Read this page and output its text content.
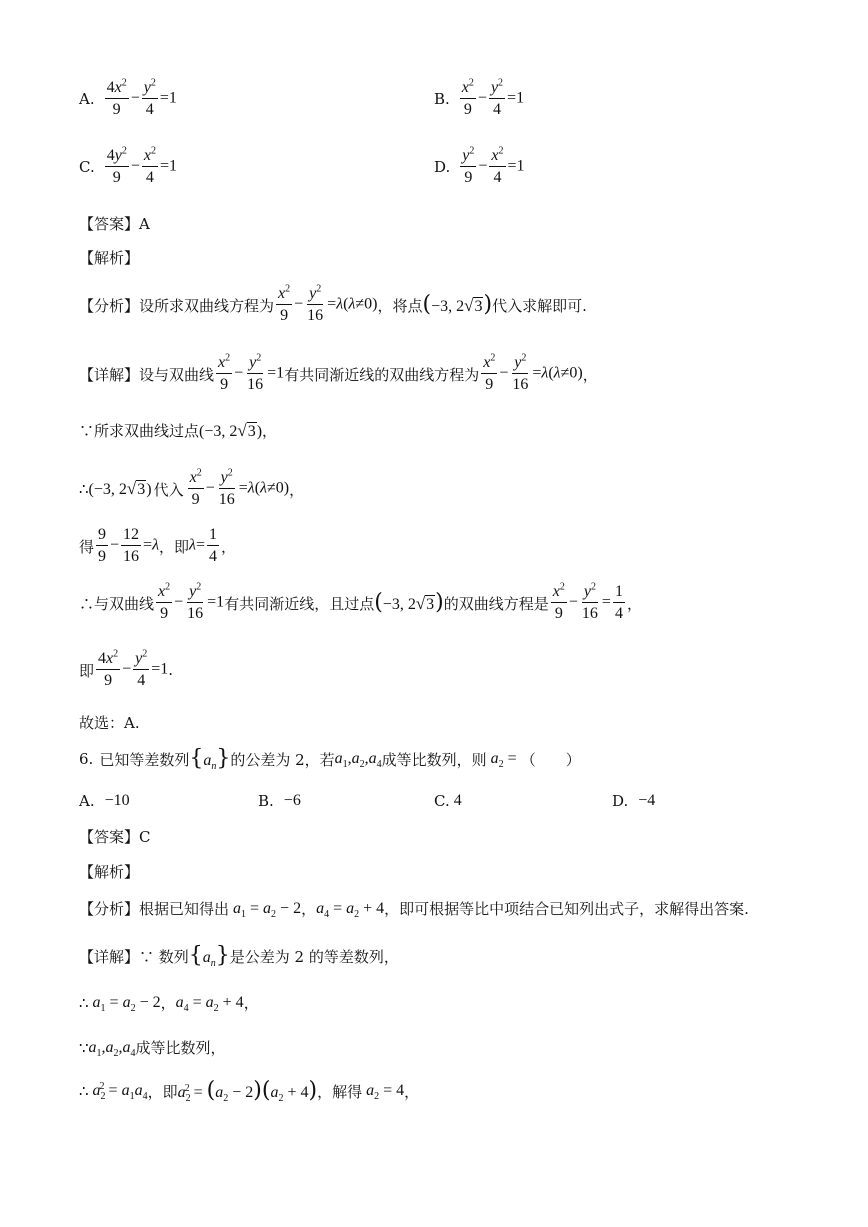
A. $\frac{4x^2}{9} - \frac{y^2}{4} =1$	B. $\frac{x^2}{9} - \frac{y^2}{4} =1$
C. $\frac{4y^2}{9} - \frac{x^2}{4} =1$	D. $\frac{y^2}{9} - \frac{x^2}{4} =1$
【答案】A
【解析】
【分析】设所求双曲线方程为 $\frac{x^2}{9} - \frac{y^2}{16} =\lambda(\lambda\ne 0)$ ，将点 (−3, 2 √ 3 ) 代入求解即可.
【详解】设与双曲线 $\frac{x^2}{9} - \frac{y^2}{16} =1$ 有共同渐近线的双曲线方程为 $\frac{x^2}{9} - \frac{y^2}{16} =\lambda(\lambda\ne 0)$ ，
∵所求双曲线过点 (−3, 2 √ 3 ) ，
∴ (−3, 2 √ 3 ) 代入 $\frac{x^2}{9} - \frac{y^2}{16} =\lambda(\lambda\ne 0)$ ，
得 $\frac{9}{9} - \frac{12}{16} =\lambda$ ，即 $\lambda= \frac{1}{4}$ ，
∴与双曲线 $\frac{x^2}{9} - \frac{y^2}{16} =1$ 有共同渐近线，且过点 (−3, 2 √ 3 ) 的双曲线方程是 $\frac{x^2}{9} - \frac{y^2}{16} = \frac{1}{4}$ ，
即 $\frac{4x^2}{9} - \frac{y^2}{4} =1$ .
故选：A.
6. 已知等差数列 $\{a_n\}$ 的公差为 2，若 $a_1,a_2,a_4$ 成等比数列，则 $a_2$ = （　　）
A. −10	B. −6	C. 4	D. −4
【答案】C
【解析】
【分析】根据已知得出 $a_1 = a_2 - 2$ ， $a_4 = a_2 + 4$ ，即可根据等比中项结合已知列出式子，求解得出答案.
【详解】∵ 数列 $\{a_n\}$ 是公差为 2 的等差数列，
∴ $a_1 = a_2 - 2$ ， $a_4 = a_2 + 4$ ，
∵ $a_1,a_2,a_4$ 成等比数列，
∴ $a_2^2 = a_1a_4$ ，即 $a_2^2 = (a_2 - 2)(a_2 + 4)$ ，解得 $a_2 = 4$ ，
